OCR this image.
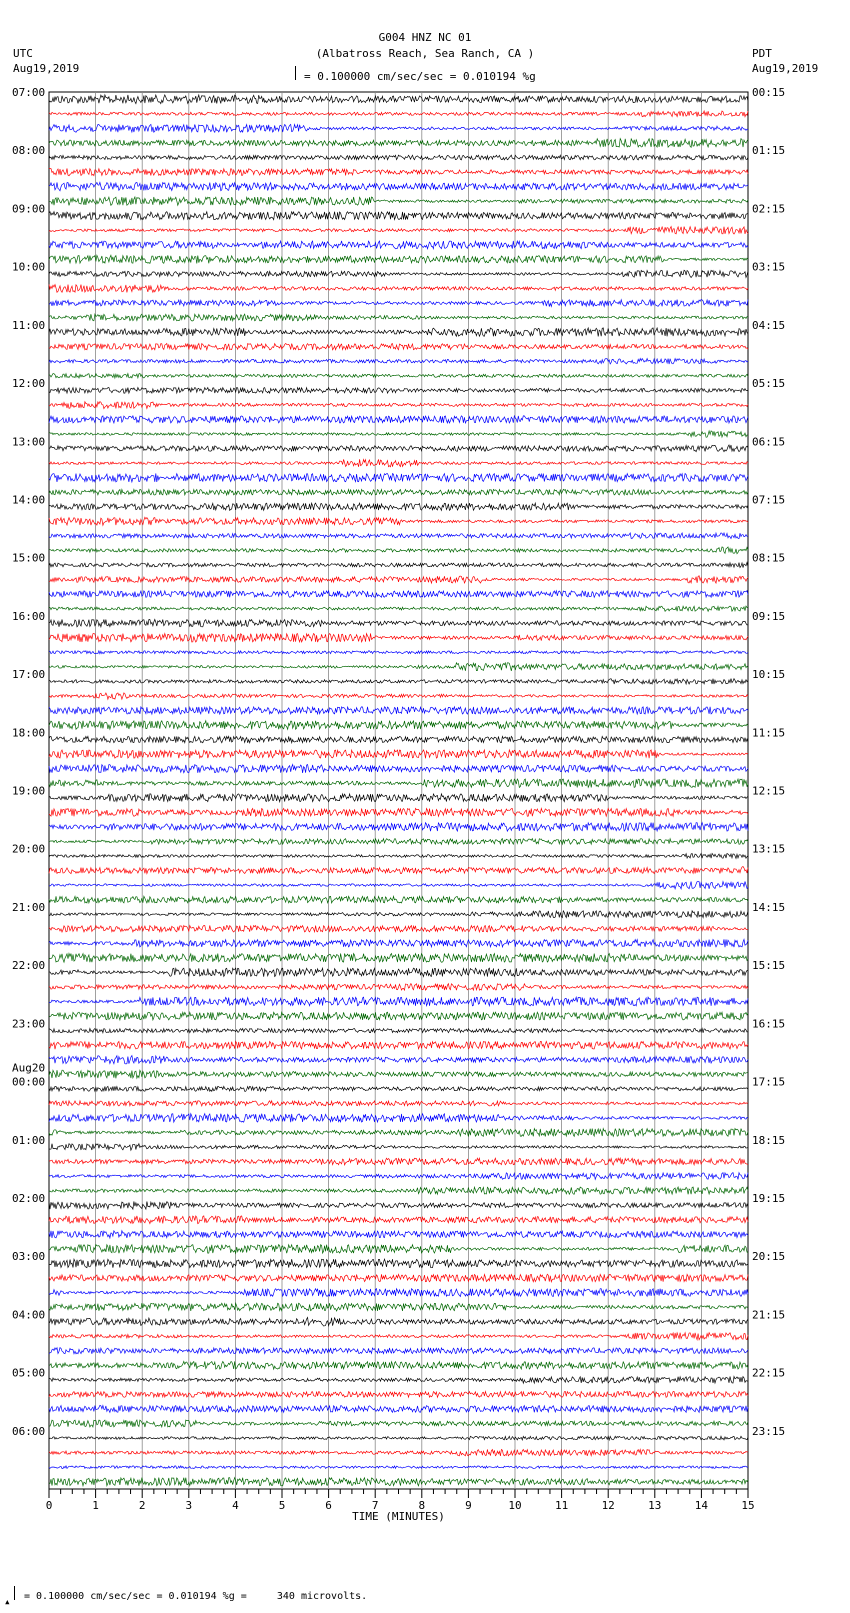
07:00
08:00
09:00
10:00
11:00
12:00
13:00
14:00
15:00
16:00
17:00
18:00
19:00
20:00
21:00
22:00
23:00
00:00
01:00
02:00
03:00
04:00
05:00
06:00
00:15
01:15
02:15
03:15
04:15
05:15
06:15
07:15
08:15
09:15
10:15
11:15
12:15
13:15
14:15
15:15
16:15
17:15
18:15
19:15
20:15
21:15
22:15
23:15
Aug20
0	1	2	3	4	5	6	7	8	9	10	11	12	13	14	15
TIME (MINUTES)
G004 HNZ NC 01
(Albatross Reach, Sea Ranch, CA )
= 0.100000 cm/sec/sec = 0.010194 %g
UTC
Aug19,2019
PDT
Aug19,2019
▴ = 0.100000 cm/sec/sec = 0.010194 %g =     340 microvolts.
